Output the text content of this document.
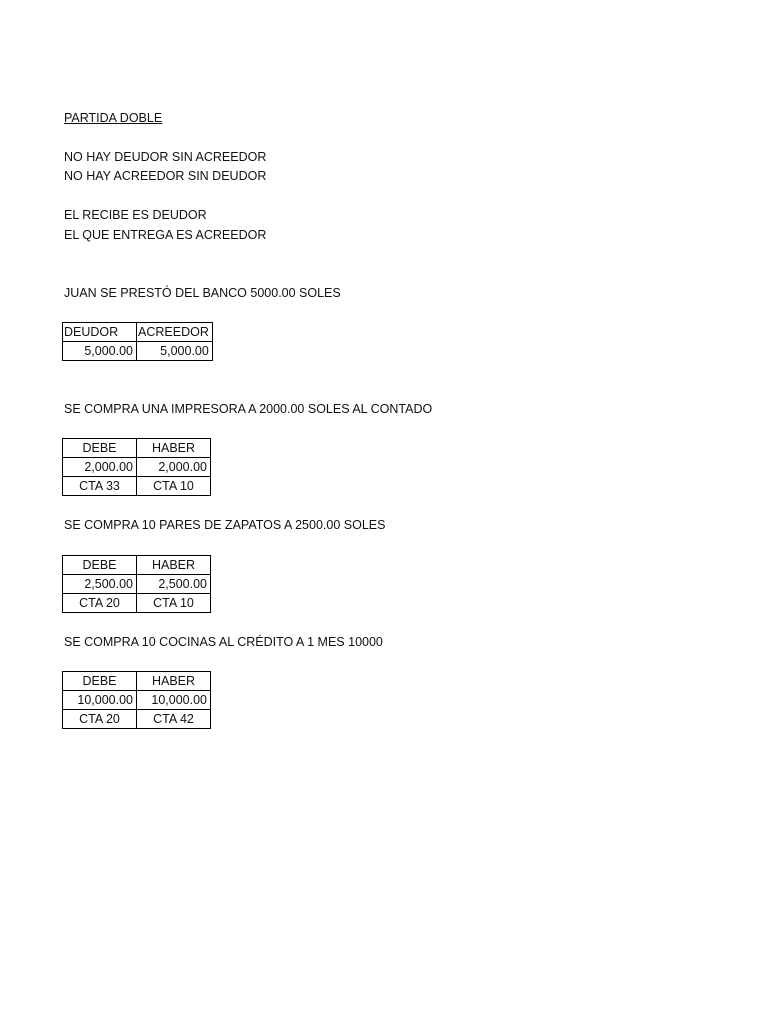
PARTIDA DOBLE
NO HAY DEUDOR SIN ACREEDOR
NO HAY ACREEDOR SIN DEUDOR
EL RECIBE ES DEUDOR
EL QUE ENTREGA ES ACREEDOR
JUAN SE PRESTÓ DEL BANCO 5000.00 SOLES
DEUDOR	ACREEDOR
5,000.00	5,000.00
SE COMPRA UNA IMPRESORA A 2000.00 SOLES AL CONTADO
DEBE	HABER
2,000.00	2,000.00
CTA 33	CTA 10
SE COMPRA 10 PARES DE ZAPATOS A 2500.00 SOLES
DEBE	HABER
2,500.00	2,500.00
CTA 20	CTA 10
SE COMPRA 10 COCINAS AL CRÉDITO A 1 MES 10000
DEBE	HABER
10,000.00	10,000.00
CTA 20	CTA 42
